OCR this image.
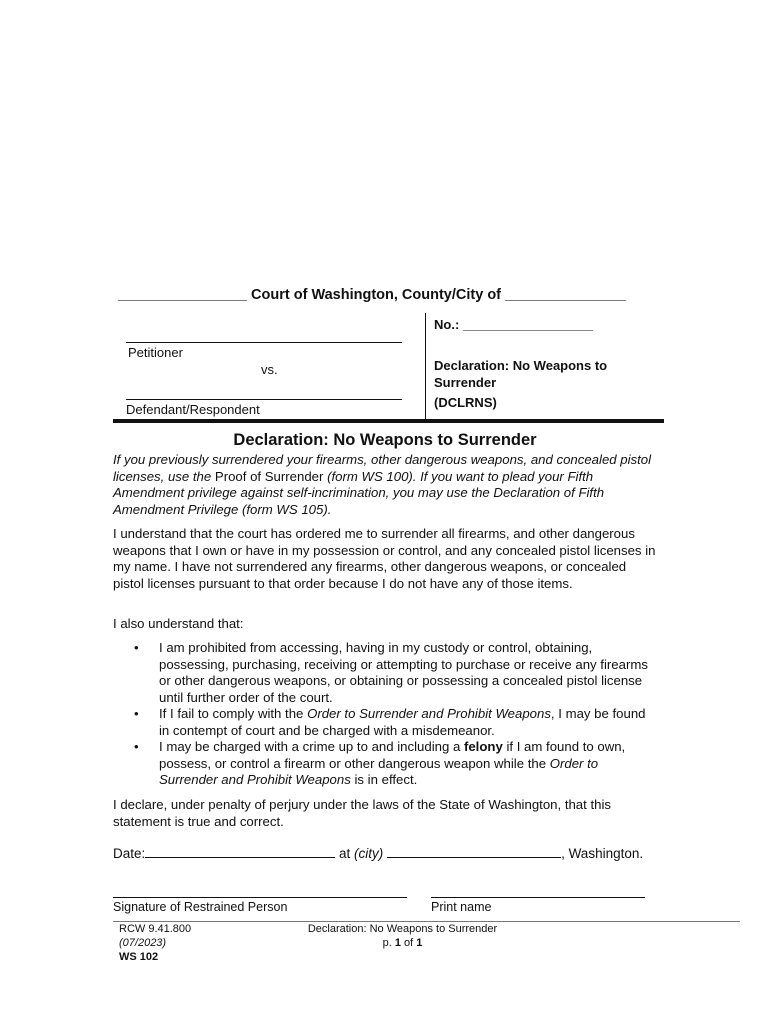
________________ Court of Washington, County/City of _______________
No.: __________________
Petitioner
vs.
Defendant/Respondent
Declaration: No Weapons to
Surrender
(DCLRNS)
Declaration: No Weapons to Surrender
If you previously surrendered your firearms, other dangerous weapons, and concealed pistol licenses, use the Proof of Surrender (form WS 100). If you want to plead your Fifth Amendment privilege against self-incrimination, you may use the Declaration of Fifth Amendment Privilege (form WS 105).
I understand that the court has ordered me to surrender all firearms, and other dangerous weapons that I own or have in my possession or control, and any concealed pistol licenses in my name. I have not surrendered any firearms, other dangerous weapons, or concealed pistol licenses pursuant to that order because I do not have any of those items.
I also understand that:
• I am prohibited from accessing, having in my custody or control, obtaining, possessing, purchasing, receiving or attempting to purchase or receive any firearms or other dangerous weapons, or obtaining or possessing a concealed pistol license until further order of the court.
• If I fail to comply with the Order to Surrender and Prohibit Weapons, I may be found in contempt of court and be charged with a misdemeanor.
• I may be charged with a crime up to and including a felony if I am found to own, possess, or control a firearm or other dangerous weapon while the Order to Surrender and Prohibit Weapons is in effect.
I declare, under penalty of perjury under the laws of the State of Washington, that this statement is true and correct.
Date:	at (city)	, Washington.
Signature of Restrained Person	Print name
RCW 9.41.800
(07/2023)
WS 102
Declaration: No Weapons to Surrender
p. 1 of 1
